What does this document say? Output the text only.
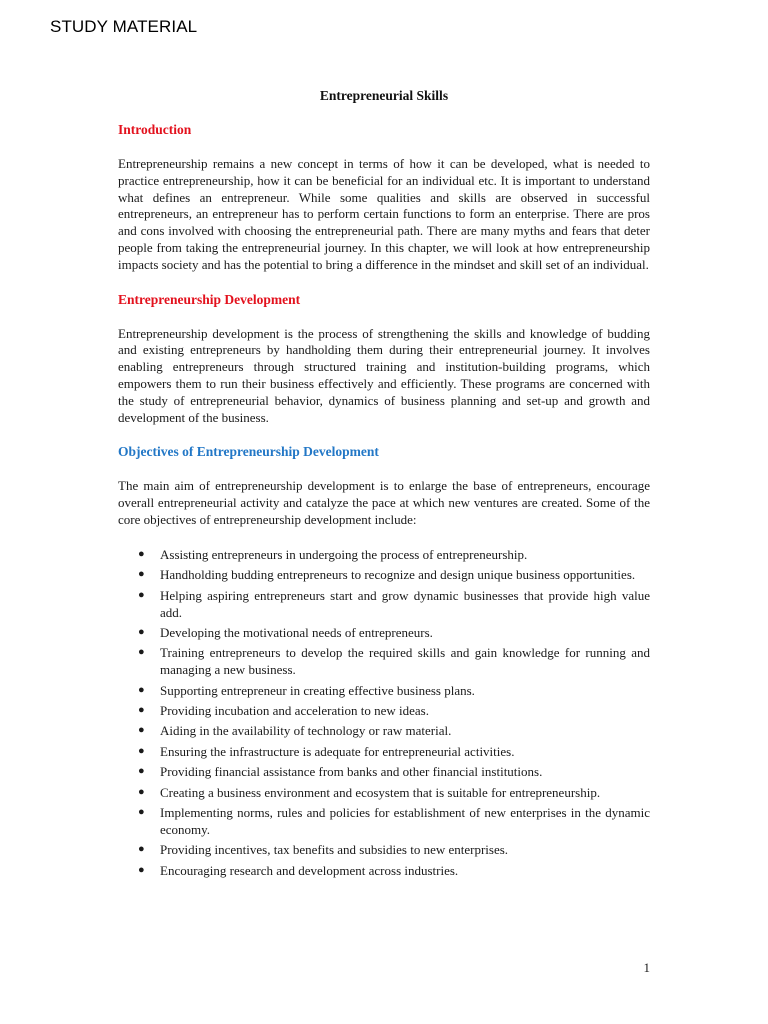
STUDY MATERIAL
Entrepreneurial Skills
Introduction

Entrepreneurship remains a new concept in terms of how it can be developed, what is needed to practice entrepreneurship, how it can be beneficial for an individual etc. It is important to understand what defines an entrepreneur. While some qualities and skills are observed in successful entrepreneurs, an entrepreneur has to perform certain functions to form an enterprise. There are pros and cons involved with choosing the entrepreneurial path. There are many myths and fears that deter people from taking the entrepreneurial journey. In this chapter, we will look at how entrepreneurship impacts society and has the potential to bring a difference in the mindset and skill set of an individual.

Entrepreneurship Development

Entrepreneurship development is the process of strengthening the skills and knowledge of budding and existing entrepreneurs by handholding them during their entrepreneurial journey. It involves enabling entrepreneurs through structured training and institution-building programs, which empowers them to run their business effectively and efficiently. These programs are concerned with the study of entrepreneurial behavior, dynamics of business planning and set-up and growth and development of the business.

Objectives of Entrepreneurship Development

The main aim of entrepreneurship development is to enlarge the base of entrepreneurs, encourage overall entrepreneurial activity and catalyze the pace at which new ventures are created. Some of the core objectives of entrepreneurship development include:

● Assisting entrepreneurs in undergoing the process of entrepreneurship.
● Handholding budding entrepreneurs to recognize and design unique business opportunities.
● Helping aspiring entrepreneurs start and grow dynamic businesses that provide high value add.
● Developing the motivational needs of entrepreneurs.
● Training entrepreneurs to develop the required skills and gain knowledge for running and managing a new business.
● Supporting entrepreneur in creating effective business plans.
● Providing incubation and acceleration to new ideas.
● Aiding in the availability of technology or raw material.
● Ensuring the infrastructure is adequate for entrepreneurial activities.
● Providing financial assistance from banks and other financial institutions.
● Creating a business environment and ecosystem that is suitable for entrepreneurship.
● Implementing norms, rules and policies for establishment of new enterprises in the dynamic economy.
● Providing incentives, tax benefits and subsidies to new enterprises.
● Encouraging research and development across industries.
1
